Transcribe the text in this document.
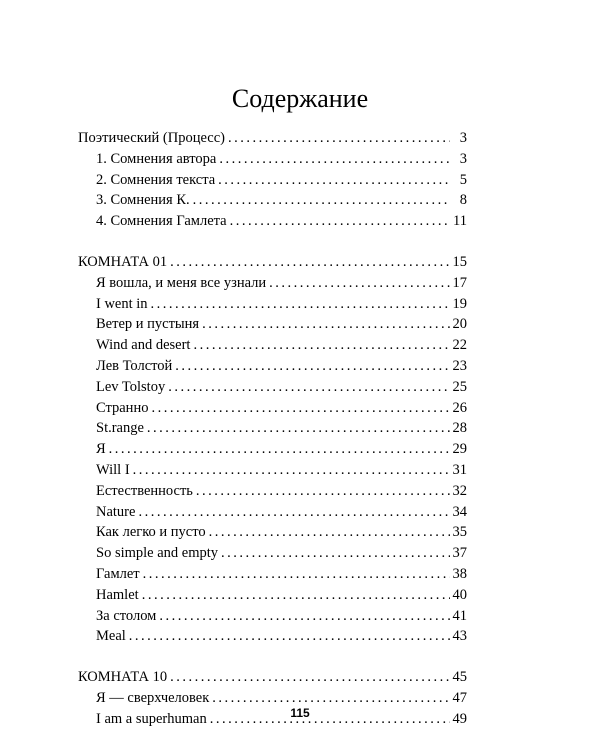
Содержание
Поэтический (Процесс) .....	3
1. Сомнения автора .....	3
2. Сомнения текста .....	5
3. Сомнения К. .....	8
4. Сомнения Гамлета .....	11
КОМНАТА 01 .....	15
Я вошла, и меня все узнали .....	17
I went in .....	19
Ветер и пустыня .....	20
Wind and desert .....	22
Лев Толстой .....	23
Lev Tolstoy .....	25
Странно .....	26
St.range .....	28
Я .....	29
Will I .....	31
Естественность .....	32
Nature .....	34
Как легко и пусто .....	35
So simple and empty .....	37
Гамлет .....	38
Hamlet .....	40
За столом .....	41
Meal .....	43
КОМНАТА 10 .....	45
Я — сверхчеловек .....	47
I am a superhuman .....	49
115
